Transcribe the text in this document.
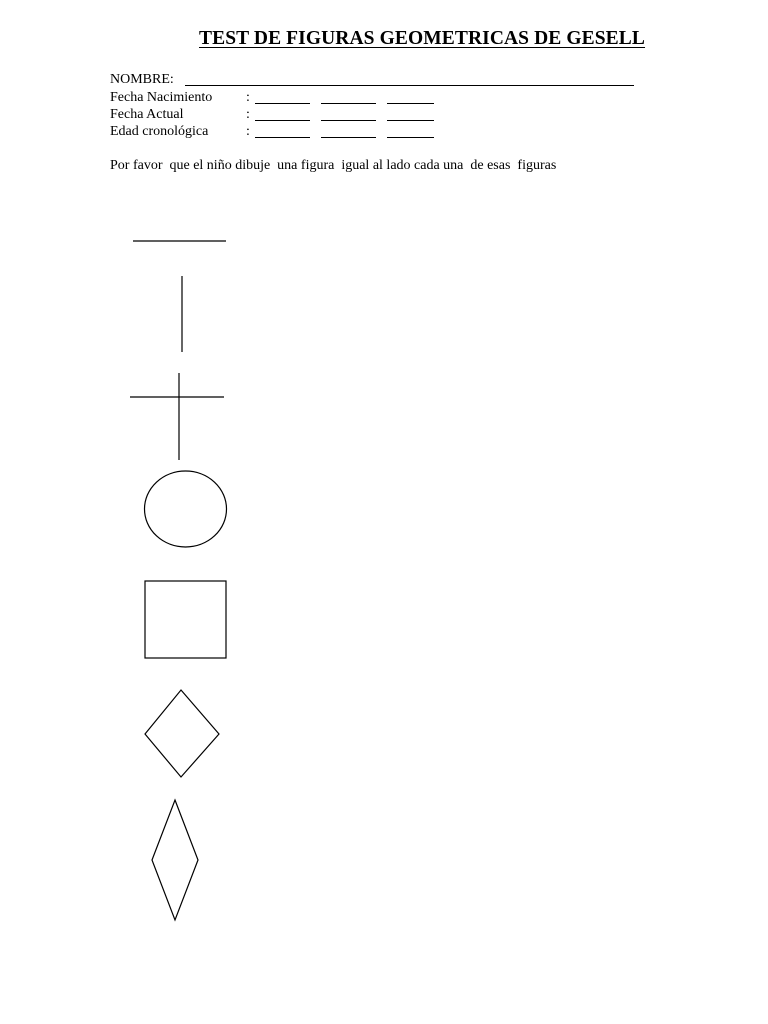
TEST DE FIGURAS GEOMETRICAS DE GESELL
NOMBRE:
Fecha Nacimiento :
Fecha Actual	:
Edad cronológica	:
Por favor  que el niño dibuje  una figura  igual al lado cada una  de esas  figuras
